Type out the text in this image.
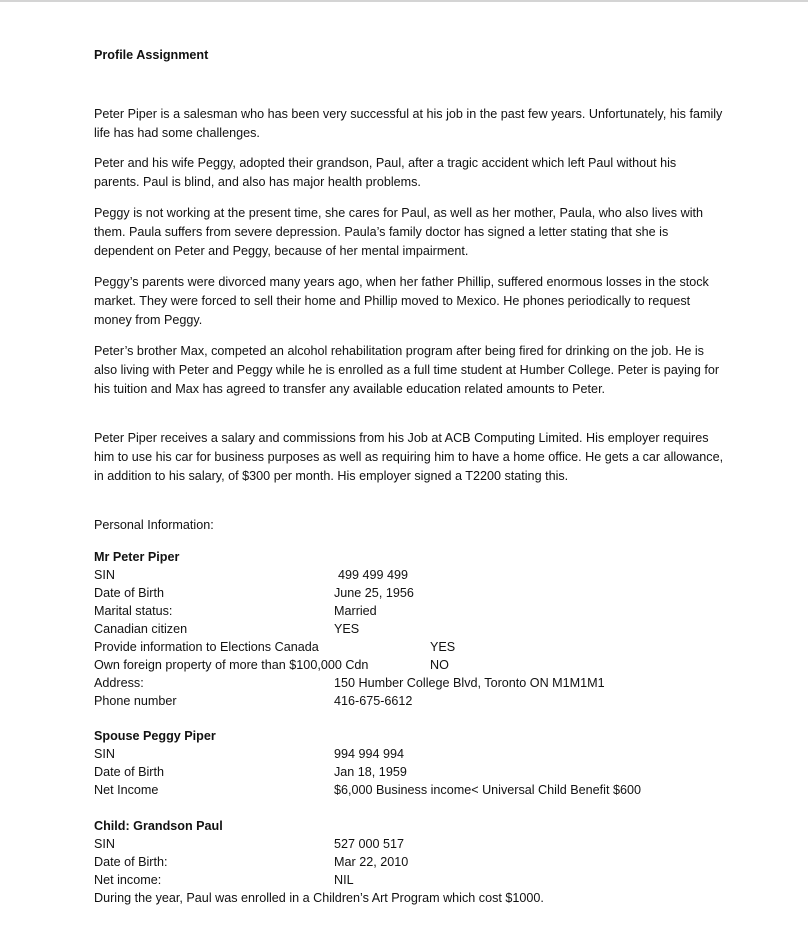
Profile Assignment

Peter Piper is a salesman who has been very successful at his job in the past few years. Unfortunately, his family life has had some challenges.

Peter and his wife Peggy, adopted their grandson, Paul, after a tragic accident which left Paul without his parents. Paul is blind, and also has major health problems.

Peggy is not working at the present time, she cares for Paul, as well as her mother, Paula, who also lives with them. Paula suffers from severe depression. Paula’s family doctor has signed a letter stating that she is dependent on Peter and Peggy, because of her mental impairment.

Peggy’s parents were divorced many years ago, when her father Phillip, suffered enormous losses in the stock market. They were forced to sell their home and Phillip moved to Mexico. He phones periodically to request money from Peggy.

Peter’s brother Max, competed an alcohol rehabilitation program after being fired for drinking on the job. He is also living with Peter and Peggy while he is enrolled as a full time student at Humber College. Peter is paying for his tuition and Max has agreed to transfer any available education related amounts to Peter.

Peter Piper receives a salary and commissions from his Job at ACB Computing Limited. His employer requires him to use his car for business purposes as well as requiring him to have a home office. He gets a car allowance, in addition to his salary, of $300 per month. His employer signed a T2200 stating this.

Personal Information:
Mr Peter Piper
SIN	499 499 499
Date of Birth	June 25, 1956
Marital status:	Married
Canadian citizen	YES
Provide information to Elections Canada	YES
Own foreign property of more than $100,000 Cdn	NO
Address:	150 Humber College Blvd, Toronto ON M1M1M1
Phone number	416-675-6612
Spouse Peggy Piper
SIN	994 994 994
Date of Birth	Jan 18, 1959
Net Income	$6,000 Business income< Universal Child Benefit $600
Child: Grandson Paul
SIN	527 000 517
Date of Birth:	Mar 22, 2010
Net income:	NIL
During the year, Paul was enrolled in a Children’s Art Program which cost $1000.
